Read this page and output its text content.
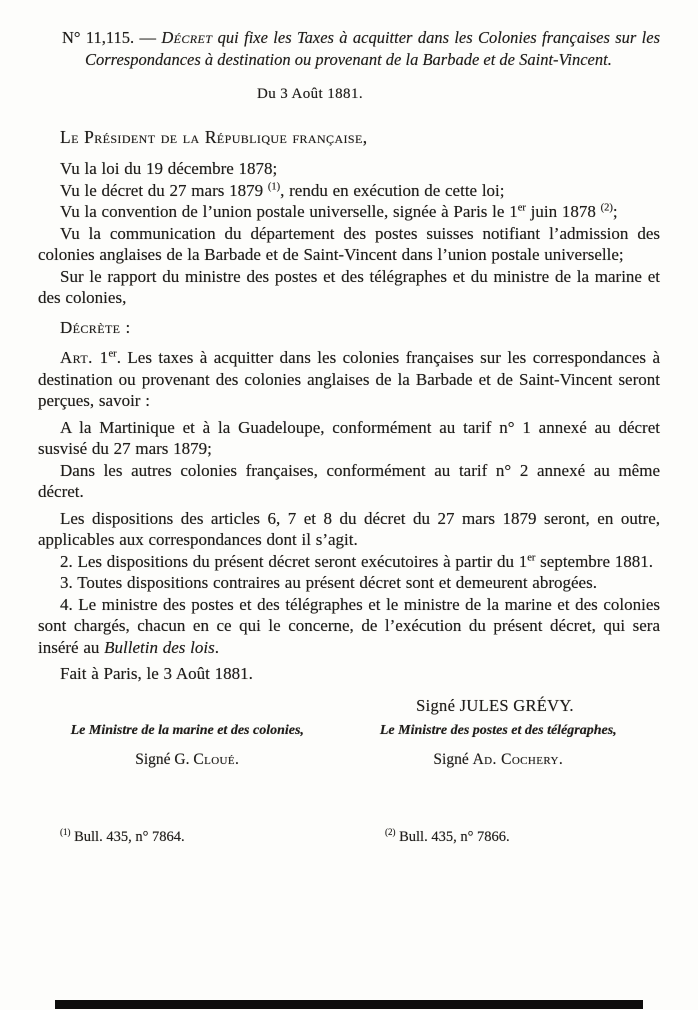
N° 11,115. — Décret qui fixe les Taxes à acquitter dans les Colonies françaises sur les Correspondances à destination ou provenant de la Barbade et de Saint-Vincent.

Du 3 Août 1881.

Le Président de la République française,

Vu la loi du 19 décembre 1878;

Vu le décret du 27 mars 1879 $^{(1)}$, rendu en exécution de cette loi;

Vu la convention de l’union postale universelle, signée à Paris le 1er juin 1878 $^{(2)}$;

Vu la communication du département des postes suisses notifiant l’admission des colonies anglaises de la Barbade et de Saint-Vincent dans l’union postale universelle;

Sur le rapport du ministre des postes et des télégraphes et du ministre de la marine et des colonies,

Décrète :

Art. 1er. Les taxes à acquitter dans les colonies françaises sur les correspondances à destination ou provenant des colonies anglaises de la Barbade et de Saint-Vincent seront perçues, savoir :

A la Martinique et à la Guadeloupe, conformément au tarif n° 1 annexé au décret susvisé du 27 mars 1879;

Dans les autres colonies françaises, conformément au tarif n° 2 annexé au même décret.

Les dispositions des articles 6, 7 et 8 du décret du 27 mars 1879 seront, en outre, applicables aux correspondances dont il s’agit.

2. Les dispositions du présent décret seront exécutoires à partir du 1er septembre 1881.

3. Toutes dispositions contraires au présent décret sont et demeurent abrogées.

4. Le ministre des postes et des télégraphes et le ministre de la marine et des colonies sont chargés, chacun en ce qui le concerne, de l’exécution du présent décret, qui sera inséré au Bulletin des lois.

Fait à Paris, le 3 Août 1881.

Signé JULES GRÉVY.

Le Ministre de la marine et des colonies,

Signé G. Cloué.

Le Ministre des postes et des télégraphes,

Signé Ad. Cochery.

$^{(1)}$ Bull. 435, n° 7864.	$^{(2)}$ Bull. 435, n° 7866.
